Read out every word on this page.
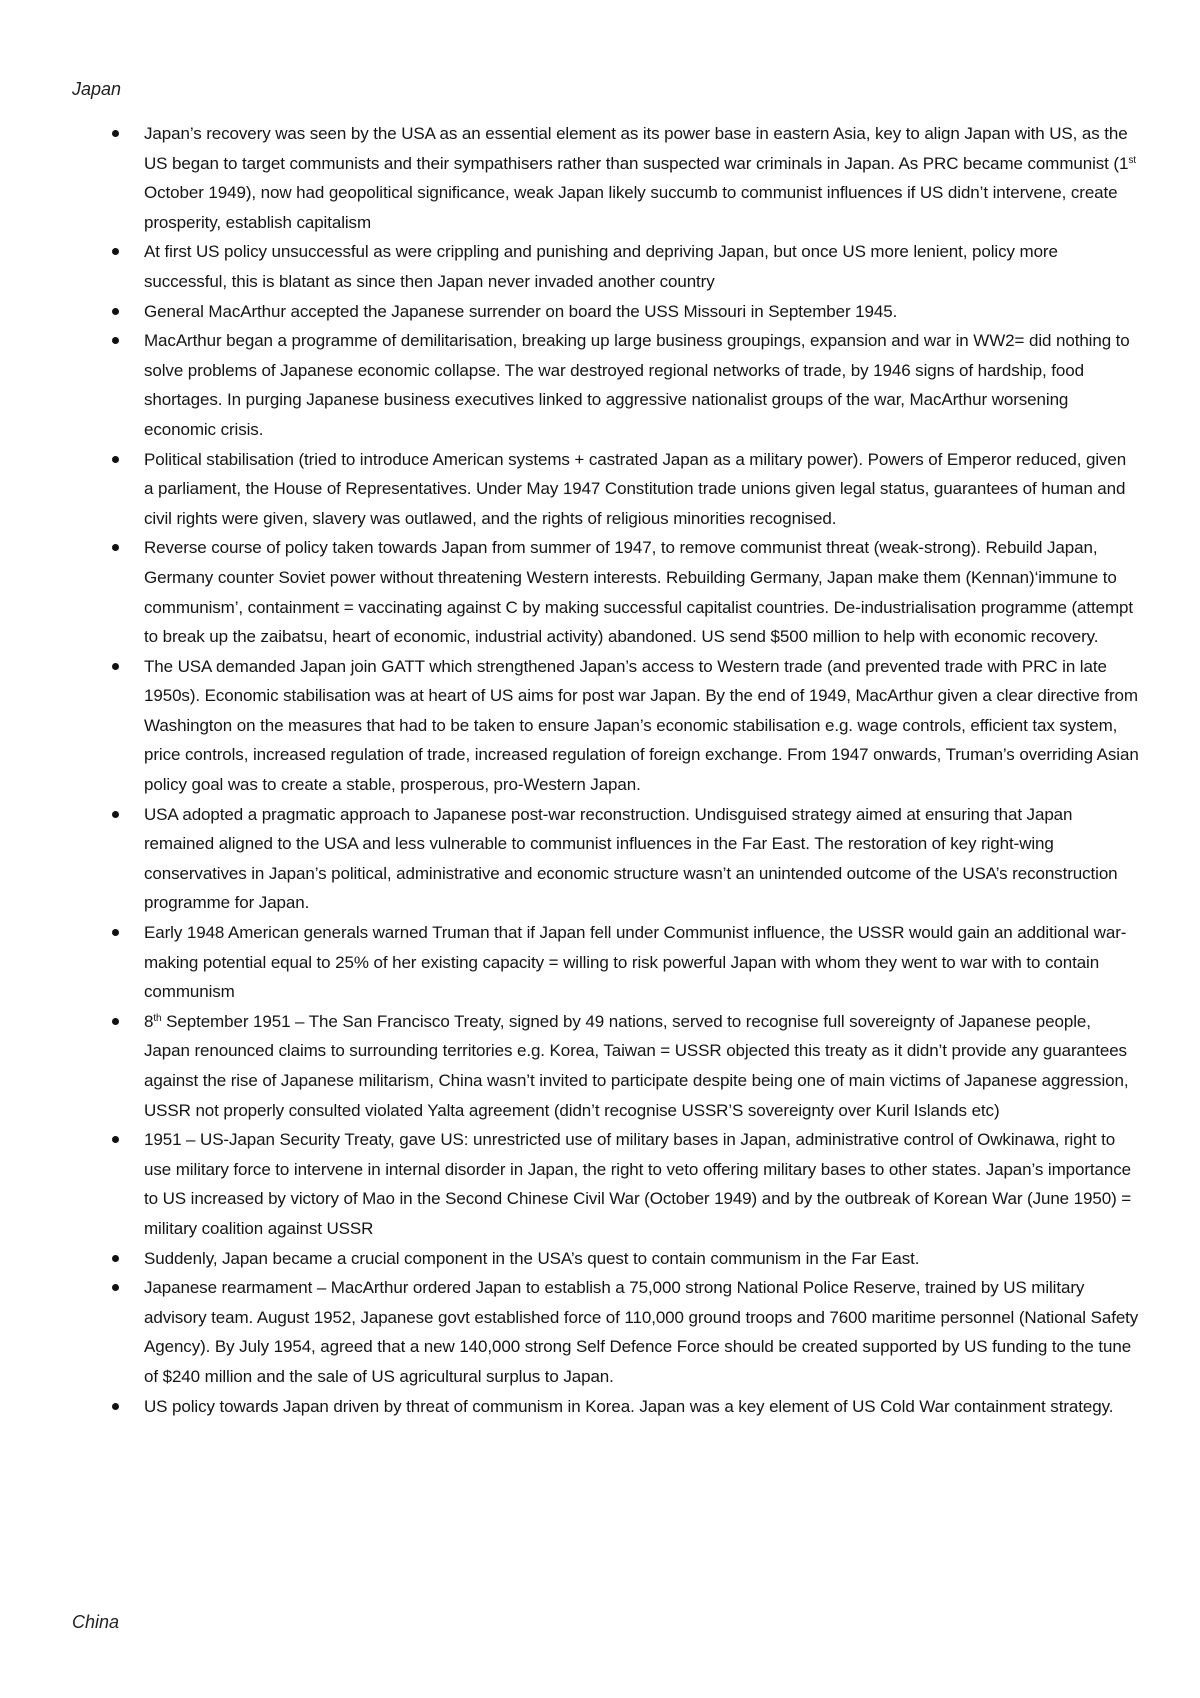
Japan
Japan’s recovery was seen by the USA as an essential element as its power base in eastern Asia, key to align Japan with US, as the US began to target communists and their sympathisers rather than suspected war criminals in Japan. As PRC became communist (1st October 1949), now had geopolitical significance, weak Japan likely succumb to communist influences if US didn’t intervene, create prosperity, establish capitalism
At first US policy unsuccessful as were crippling and punishing and depriving Japan, but once US more lenient, policy more successful, this is blatant as since then Japan never invaded another country
General MacArthur accepted the Japanese surrender on board the USS Missouri in September 1945.
MacArthur began a programme of demilitarisation, breaking up large business groupings, expansion and war in WW2= did nothing to solve problems of Japanese economic collapse. The war destroyed regional networks of trade, by 1946 signs of hardship, food shortages. In purging Japanese business executives linked to aggressive nationalist groups of the war, MacArthur worsening economic crisis.
Political stabilisation (tried to introduce American systems + castrated Japan as a military power). Powers of Emperor reduced, given a parliament, the House of Representatives. Under May 1947 Constitution trade unions given legal status, guarantees of human and civil rights were given, slavery was outlawed, and the rights of religious minorities recognised.
Reverse course of policy taken towards Japan from summer of 1947, to remove communist threat (weak-strong). Rebuild Japan, Germany counter Soviet power without threatening Western interests. Rebuilding Germany, Japan make them (Kennan)‘immune to communism’, containment = vaccinating against C by making successful capitalist countries. De-industrialisation programme (attempt to break up the zaibatsu, heart of economic, industrial activity) abandoned. US send $500 million to help with economic recovery.
The USA demanded Japan join GATT which strengthened Japan’s access to Western trade (and prevented trade with PRC in late 1950s). Economic stabilisation was at heart of US aims for post war Japan. By the end of 1949, MacArthur given a clear directive from Washington on the measures that had to be taken to ensure Japan’s economic stabilisation e.g. wage controls, efficient tax system, price controls, increased regulation of trade, increased regulation of foreign exchange. From 1947 onwards, Truman’s overriding Asian policy goal was to create a stable, prosperous, pro-Western Japan.
USA adopted a pragmatic approach to Japanese post-war reconstruction. Undisguised strategy aimed at ensuring that Japan remained aligned to the USA and less vulnerable to communist influences in the Far East. The restoration of key right-wing conservatives in Japan’s political, administrative and economic structure wasn’t an unintended outcome of the USA’s reconstruction programme for Japan.
Early 1948 American generals warned Truman that if Japan fell under Communist influence, the USSR would gain an additional war-making potential equal to 25% of her existing capacity = willing to risk powerful Japan with whom they went to war with to contain communism
8th September 1951 – The San Francisco Treaty, signed by 49 nations, served to recognise full sovereignty of Japanese people, Japan renounced claims to surrounding territories e.g. Korea, Taiwan = USSR objected this treaty as it didn’t provide any guarantees against the rise of Japanese militarism, China wasn’t invited to participate despite being one of main victims of Japanese aggression, USSR not properly consulted violated Yalta agreement (didn’t recognise USSR’S sovereignty over Kuril Islands etc)
1951 – US-Japan Security Treaty, gave US: unrestricted use of military bases in Japan, administrative control of Owkinawa, right to use military force to intervene in internal disorder in Japan, the right to veto offering military bases to other states. Japan’s importance to US increased by victory of Mao in the Second Chinese Civil War (October 1949) and by the outbreak of Korean War (June 1950) = military coalition against USSR
Suddenly, Japan became a crucial component in the USA’s quest to contain communism in the Far East.
Japanese rearmament – MacArthur ordered Japan to establish a 75,000 strong National Police Reserve, trained by US military advisory team. August 1952, Japanese govt established force of 110,000 ground troops and 7600 maritime personnel (National Safety Agency). By July 1954, agreed that a new 140,000 strong Self Defence Force should be created supported by US funding to the tune of $240 million and the sale of US agricultural surplus to Japan.
US policy towards Japan driven by threat of communism in Korea. Japan was a key element of US Cold War containment strategy.
China
